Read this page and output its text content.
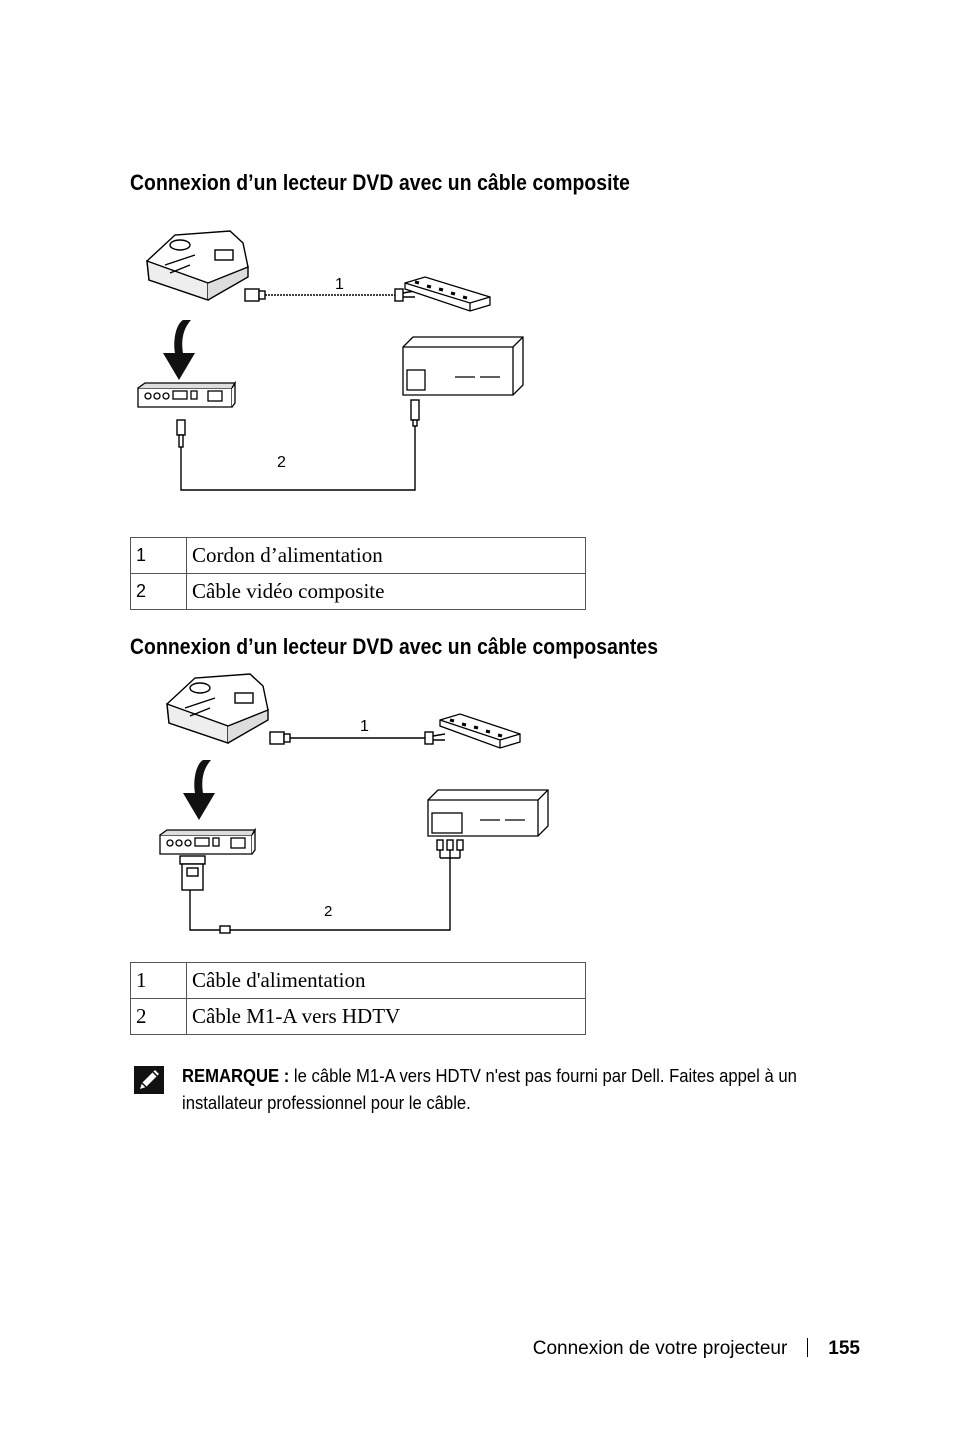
Connexion d’un lecteur DVD avec un câble composite
1
2
1	Cordon d’alimentation
2	Câble vidéo composite
Connexion d’un lecteur DVD avec un câble composantes
1
2
1	Câble d'alimentation
2	Câble M1-A vers HDTV
REMARQUE : le câble M1-A vers HDTV n'est pas fourni par Dell. Faites appel à un installateur professionnel pour le câble.
Connexion de votre projecteur 155
